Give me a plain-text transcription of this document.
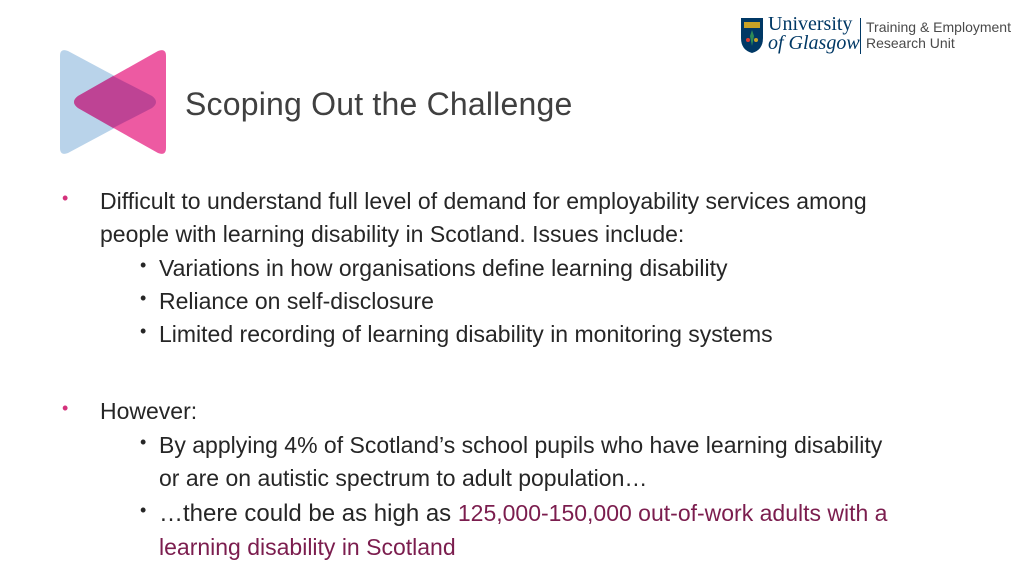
Scoping Out the Challenge
University
of Glasgow
Training & Employment
Research Unit
• Difficult to understand full level of demand for employability services among
people with learning disability in Scotland. Issues include:
• Variations in how organisations define learning disability
• Reliance on self-disclosure
• Limited recording of learning disability in monitoring systems
• However:
• By applying 4% of Scotland’s school pupils who have learning disability
or are on autistic spectrum to adult population…
• …there could be as high as 125,000-150,000 out-of-work adults with a
learning disability in Scotland
